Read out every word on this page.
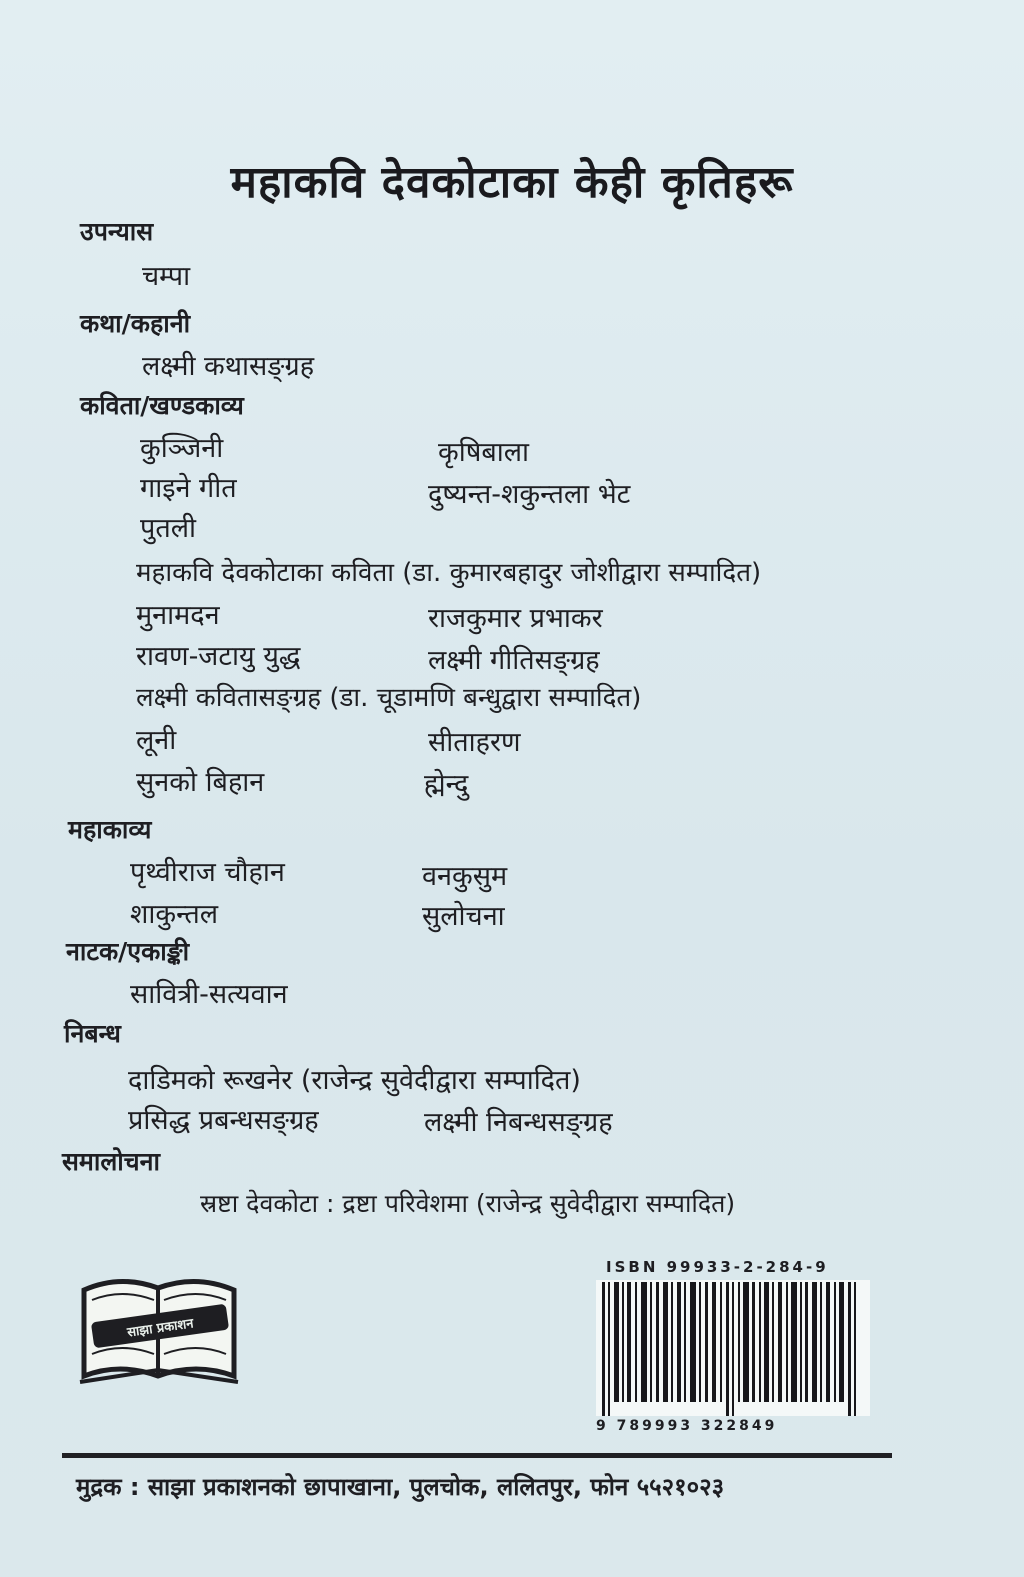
महाकवि देवकोटाका केही कृतिहरू
उपन्यास
चम्पा
कथा/कहानी
लक्ष्मी कथासङ्ग्रह
कविता/खण्डकाव्य
कुञ्जिनी	कृषिबाला
गाइने गीत	दुष्यन्त-शकुन्तला भेट
पुतली
महाकवि देवकोटाका कविता (डा. कुमारबहादुर जोशीद्वारा सम्पादित)
मुनामदन	राजकुमार प्रभाकर
रावण-जटायु युद्ध	लक्ष्मी गीतिसङ्ग्रह
लक्ष्मी कवितासङ्ग्रह (डा. चूडामणि बन्धुद्वारा सम्पादित)
लूनी	सीताहरण
सुनको बिहान	ह्मेन्दु
महाकाव्य
पृथ्वीराज चौहान	वनकुसुम
शाकुन्तल	सुलोचना
नाटक/एकाङ्की
सावित्री-सत्यवान
निबन्ध
दाडिमको रूखनेर (राजेन्द्र सुवेदीद्वारा सम्पादित)
प्रसिद्ध प्रबन्धसङ्ग्रह	लक्ष्मी निबन्धसङ्ग्रह
समालोचना
स्रष्टा देवकोटा : द्रष्टा परिवेशमा (राजेन्द्र सुवेदीद्वारा सम्पादित)
साझा प्रकाशन
ISBN 99933-2-284-9
9 789993 322849
मुद्रक : साझा प्रकाशनको छापाखाना, पुलचोक, ललितपुर, फोन ५५२१०२३
